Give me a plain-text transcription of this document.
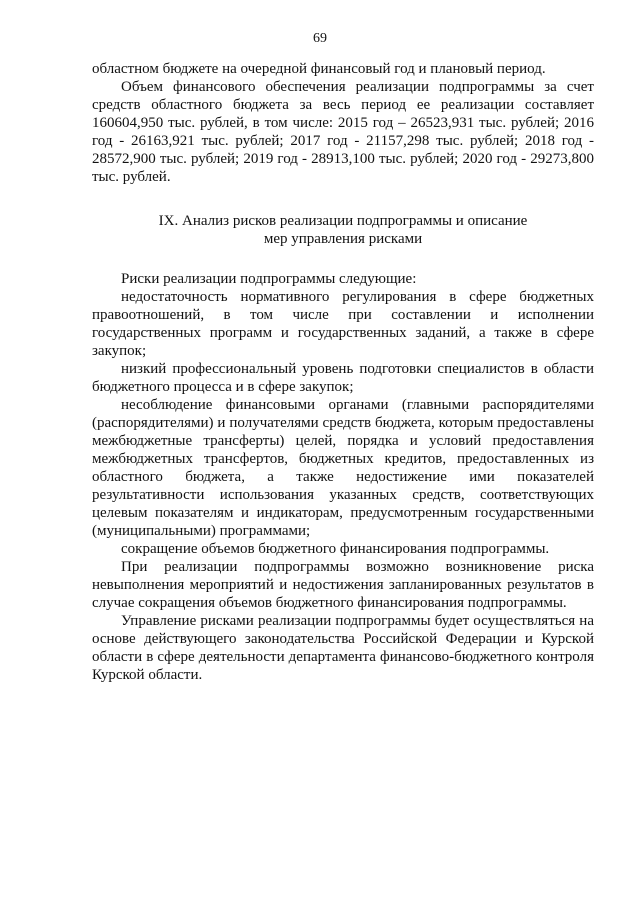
69

областном бюджете на очередной финансовый год и плановый период.

Объем финансового обеспечения реализации подпрограммы за счет средств областного бюджета за весь период ее реализации составляет 160604,950 тыс. рублей, в том числе: 2015 год – 26523,931 тыс. рублей; 2016 год - 26163,921 тыс. рублей; 2017 год - 21157,298 тыс. рублей; 2018 год - 28572,900 тыс. рублей; 2019 год - 28913,100 тыс. рублей; 2020 год - 29273,800 тыс. рублей.

IX. Анализ рисков реализации подпрограммы и описание
мер управления рисками

Риски реализации подпрограммы следующие:

недостаточность нормативного регулирования в сфере бюджетных правоотношений, в том числе при составлении и исполнении государственных программ и государственных заданий, а также в сфере закупок;

низкий профессиональный уровень подготовки специалистов в области бюджетного процесса и в сфере закупок;

несоблюдение финансовыми органами (главными распорядителями (распорядителями) и получателями средств бюджета, которым предоставлены межбюджетные трансферты) целей, порядка и условий предоставления межбюджетных трансфертов, бюджетных кредитов, предоставленных из областного бюджета, а также недостижение ими показателей результативности использования указанных средств, соответствующих целевым показателям и индикаторам, предусмотренным государственными (муниципальными) программами;

сокращение объемов бюджетного финансирования подпрограммы.

При реализации подпрограммы возможно возникновение риска невыполнения мероприятий и недостижения запланированных результатов в случае сокращения объемов бюджетного финансирования подпрограммы.

Управление рисками реализации подпрограммы будет осуществляться на основе действующего законодательства Российской Федерации и Курской области в сфере деятельности департамента финансово-бюджетного контроля Курской области.
